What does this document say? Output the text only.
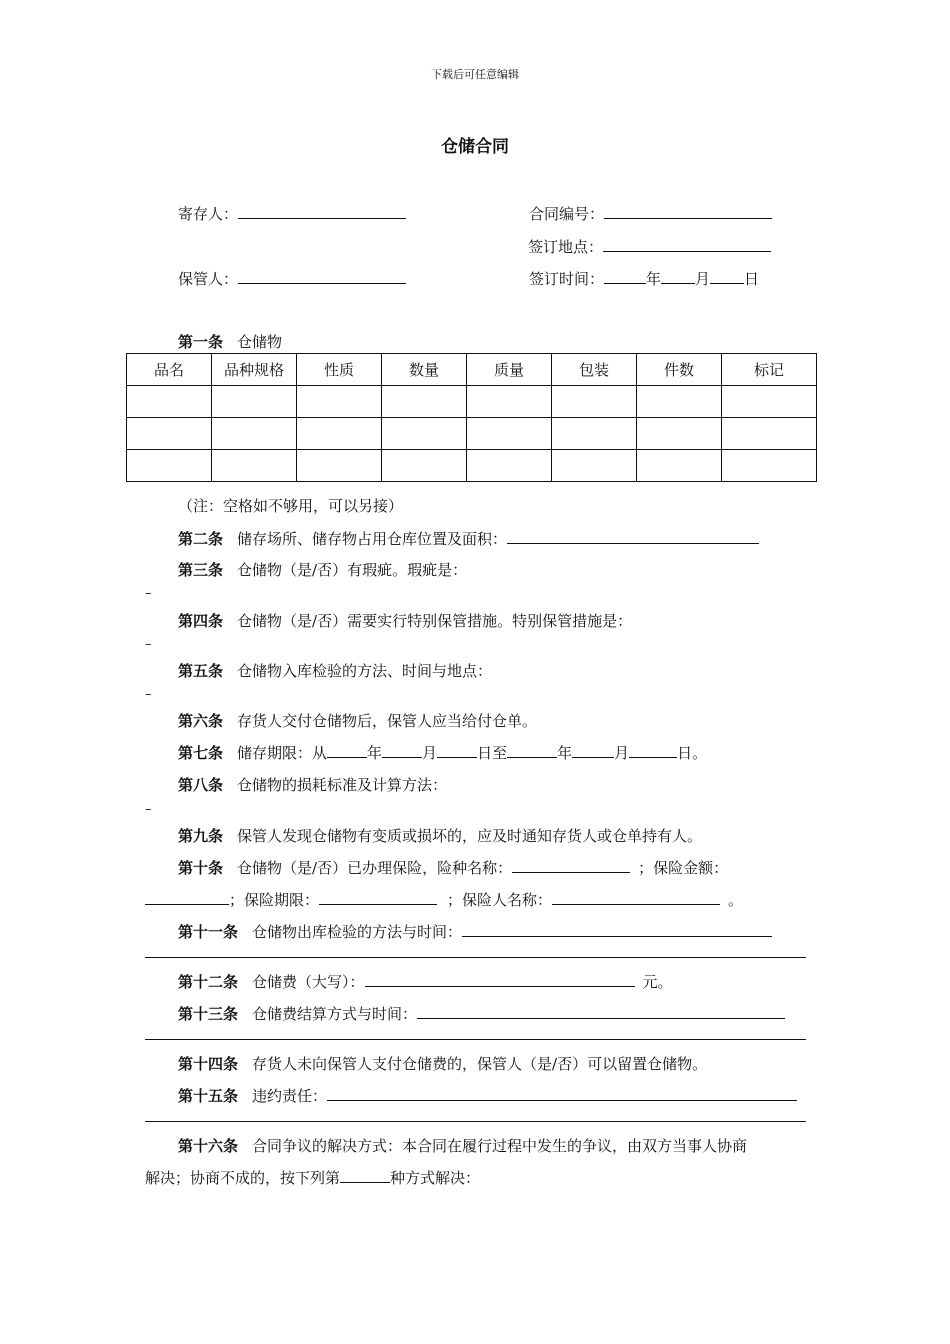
下载后可任意编辑
仓储合同
寄存人：
保管人：
合同编号：
签订地点：
签订时间：	年 月 日
第一条 仓储物
品名	品种规格	性质	数量	质量	包装	件数	标记

（注：空格如不够用，可以另接）
第二条 储存场所、储存物占用仓库位置及面积：
第三条 仓储物（是/否）有瑕疵。瑕疵是：
–
第四条 仓储物（是/否）需要实行特别保管措施。特别保管措施是：
–
第五条 仓储物入库检验的方法、时间与地点：
–
第六条 存货人交付仓储物后，保管人应当给付仓单。
第七条 储存期限：从	年	月	日至	年	月	日。
第八条 仓储物的损耗标准及计算方法：
–
第九条 保管人发现仓储物有变质或损坏的，应及时通知存货人或仓单持有人。
第十条 仓储物（是/否）已办理保险，险种名称：	；保险金额：
；保险期限：	；保险人名称：	。
第十一条 仓储物出库检验的方法与时间：
第十二条 仓储费（大写）：	元。
第十三条 仓储费结算方式与时间：
第十四条 存货人未向保管人支付仓储费的，保管人（是/否）可以留置仓储物。
第十五条 违约责任：
第十六条 合同争议的解决方式：本合同在履行过程中发生的争议，由双方当事人协商
解决；协商不成的，按下列第	种方式解决：
